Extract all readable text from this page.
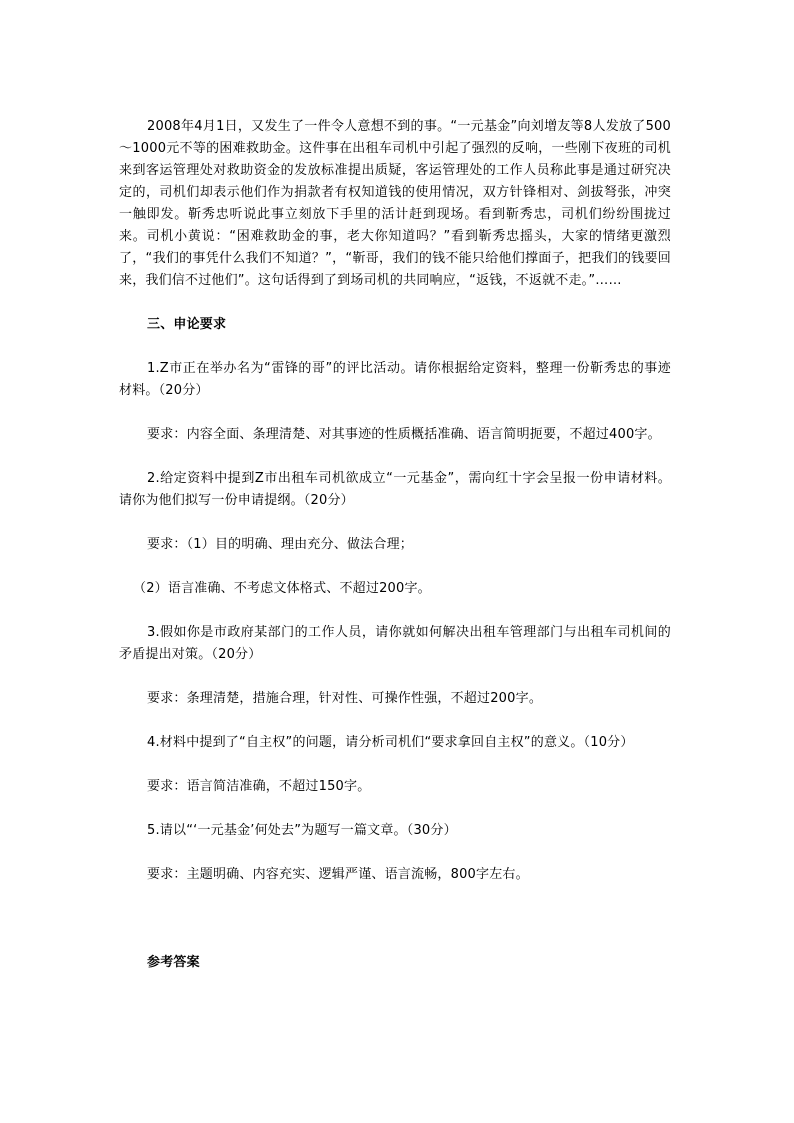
2008年4月1日，又发生了一件令人意想不到的事。“一元基金”向刘增友等8人发放了500～1000元不等的困难救助金。这件事在出租车司机中引起了强烈的反响，一些刚下夜班的司机来到客运管理处对救助资金的发放标准提出质疑，客运管理处的工作人员称此事是通过研究决定的，司机们却表示他们作为捐款者有权知道钱的使用情况，双方针锋相对、剑拔弩张，冲突一触即发。靳秀忠听说此事立刻放下手里的活计赶到现场。看到靳秀忠，司机们纷纷围拢过来。司机小黄说：“困难救助金的事，老大你知道吗？”看到靳秀忠摇头，大家的情绪更激烈了，“我们的事凭什么我们不知道？”，“靳哥，我们的钱不能只给他们撑面子，把我们的钱要回来，我们信不过他们”。这句话得到了到场司机的共同响应，“返钱，不返就不走。”……

三、申论要求

1.Z市正在举办名为“雷锋的哥”的评比活动。请你根据给定资料，整理一份靳秀忠的事迹材料。（20分）

要求：内容全面、条理清楚、对其事迹的性质概括准确、语言简明扼要，不超过400字。

2.给定资料中提到Z市出租车司机欲成立“一元基金”，需向红十字会呈报一份申请材料。请你为他们拟写一份申请提纲。（20分）

要求：（1）目的明确、理由充分、做法合理；

（2）语言准确、不考虑文体格式、不超过200字。

3.假如你是市政府某部门的工作人员，请你就如何解决出租车管理部门与出租车司机间的矛盾提出对策。（20分）

要求：条理清楚，措施合理，针对性、可操作性强，不超过200字。

4.材料中提到了“自主权”的问题，请分析司机们“要求拿回自主权”的意义。（10分）

要求：语言简洁准确，不超过150字。

5.请以“‘一元基金’何处去”为题写一篇文章。（30分）

要求：主题明确、内容充实、逻辑严谨、语言流畅，800字左右。

参考答案
